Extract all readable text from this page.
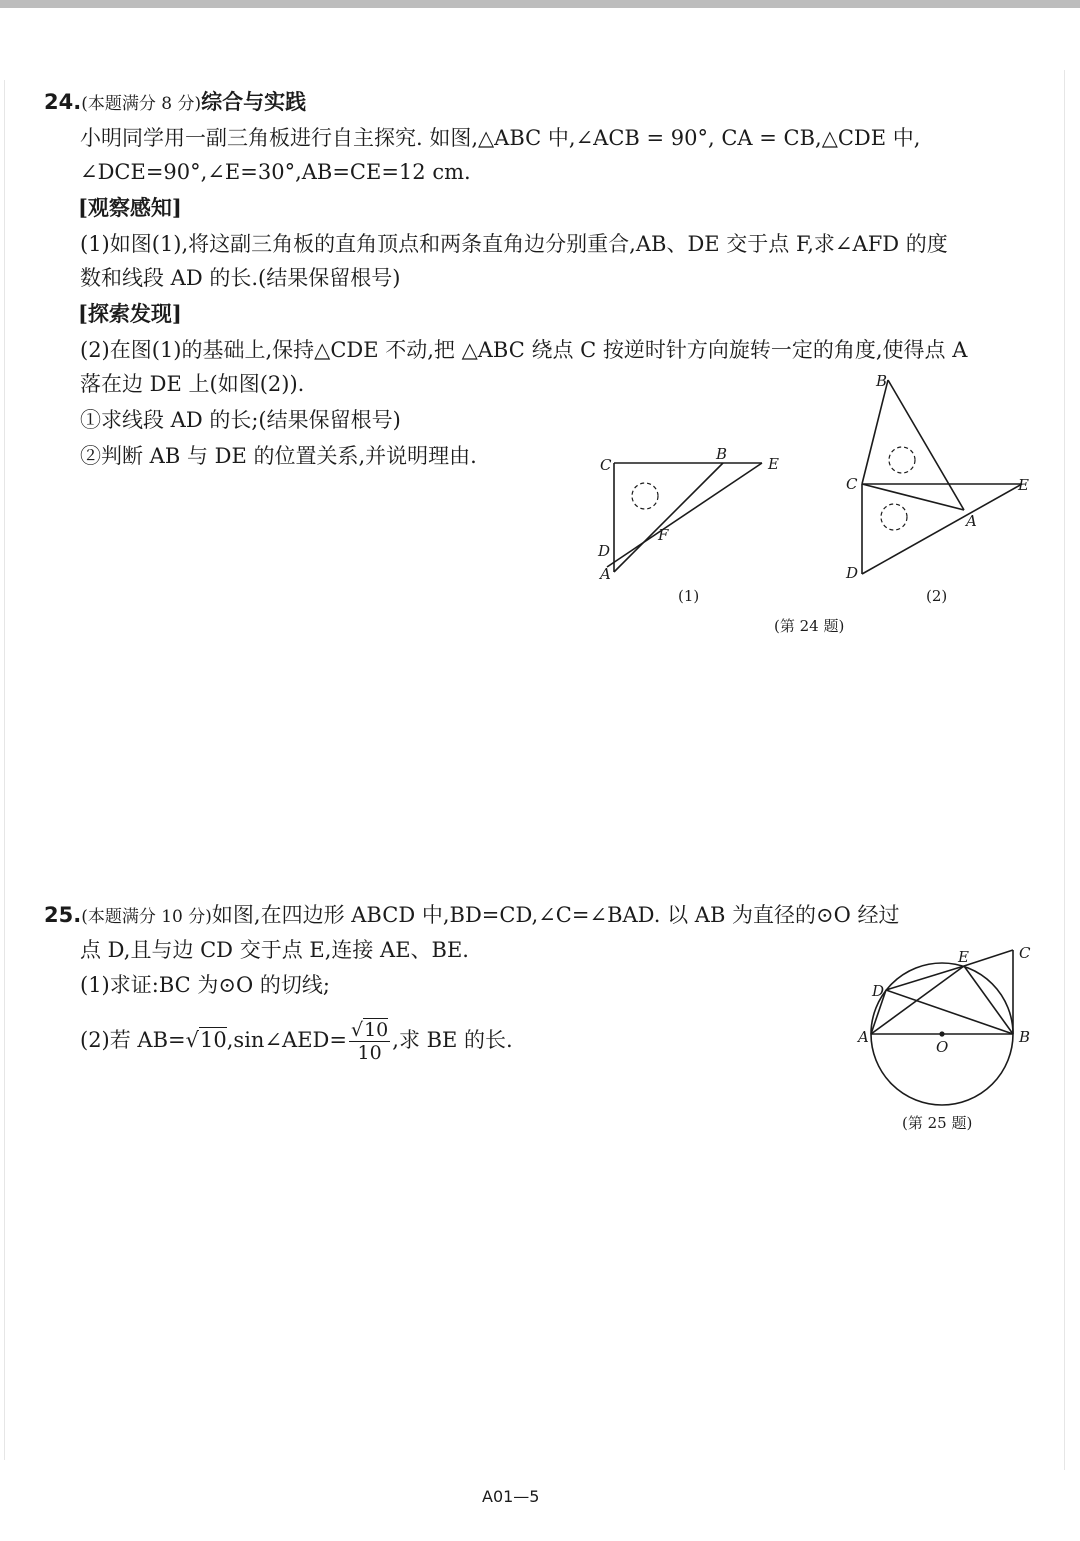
24.(本题满分 8 分)综合与实践
小明同学用一副三角板进行自主探究. 如图,△ABC 中,∠ACB = 90°, CA = CB,△CDE 中,
∠DCE=90°,∠E=30°,AB=CE=12 cm.
[观察感知]
(1)如图(1),将这副三角板的直角顶点和两条直角边分别重合,AB、DE 交于点 F,求∠AFD 的度
数和线段 AD 的长.(结果保留根号)
[探索发现]
(2)在图(1)的基础上,保持△CDE 不动,把 △ABC 绕点 C 按逆时针方向旋转一定的角度,使得点 A
落在边 DE 上(如图(2)).
①求线段 AD 的长;(结果保留根号)
②判断 AB 与 DE 的位置关系,并说明理由.	C
B
E
F
D
A
(1)
B
C	E
A
D
(2)
(第 24 题)
25.(本题满分 10 分)如图,在四边形 ABCD 中,BD=CD,∠C=∠BAD. 以 AB 为直径的⊙O 经过
点 D,且与边 CD 交于点 E,连接 AE、BE.
(1)求证:BC 为⊙O 的切线;
(2)若 AB=√10,sin∠AED= $\frac{√10}{10}$ ,求 BE 的长.
E	C
D
A
O
B
(第 25 题)
A01—5
